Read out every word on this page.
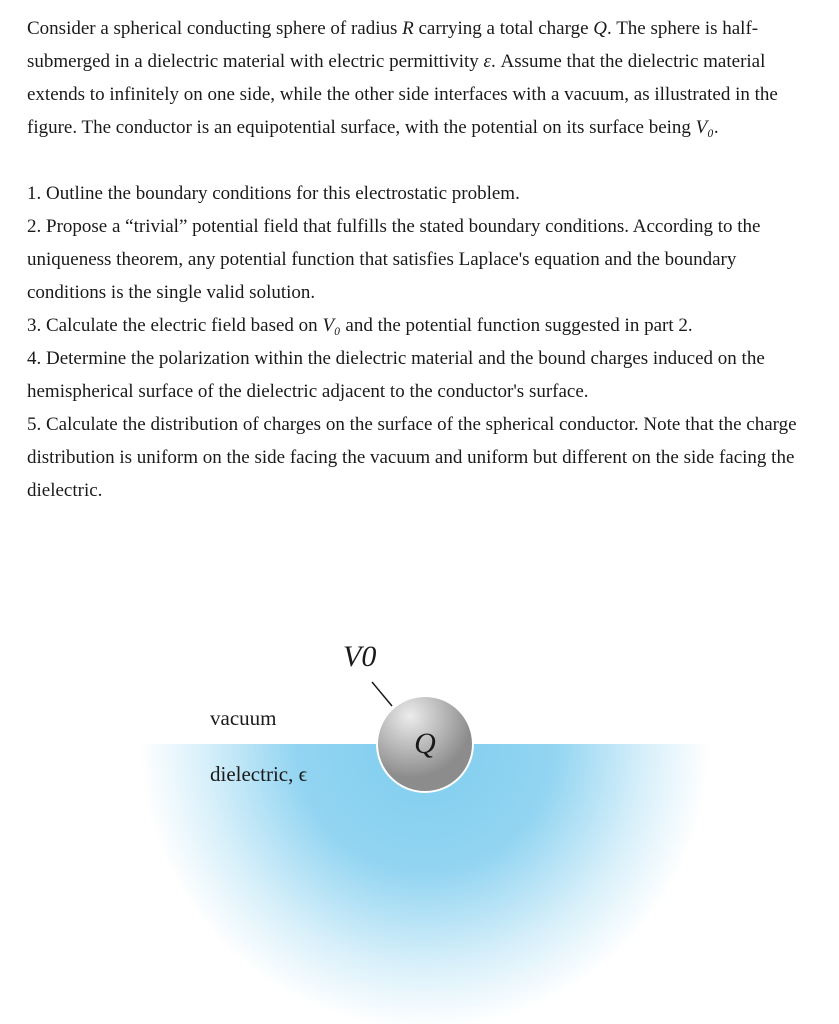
Consider a spherical conducting sphere of radius R carrying a total charge Q. The sphere is half-submerged in a dielectric material with electric permittivity ε. Assume that the dielectric material extends to infinitely on one side, while the other side interfaces with a vacuum, as illustrated in the figure. The conductor is an equipotential surface, with the potential on its surface being V₀.

1. Outline the boundary conditions for this electrostatic problem.

2. Propose a “trivial” potential field that fulfills the stated boundary conditions. According to the uniqueness theorem, any potential function that satisfies Laplace's equation and the boundary conditions is the single valid solution.

3. Calculate the electric field based on V₀ and the potential function suggested in part 2.

4. Determine the polarization within the dielectric material and the bound charges induced on the hemispherical surface of the dielectric adjacent to the conductor's surface.

5. Calculate the distribution of charges on the surface of the spherical conductor. Note that the charge distribution is uniform on the side facing the vacuum and uniform but different on the side facing the dielectric.

Q
V0
vacuum
dielectric, ϵ
